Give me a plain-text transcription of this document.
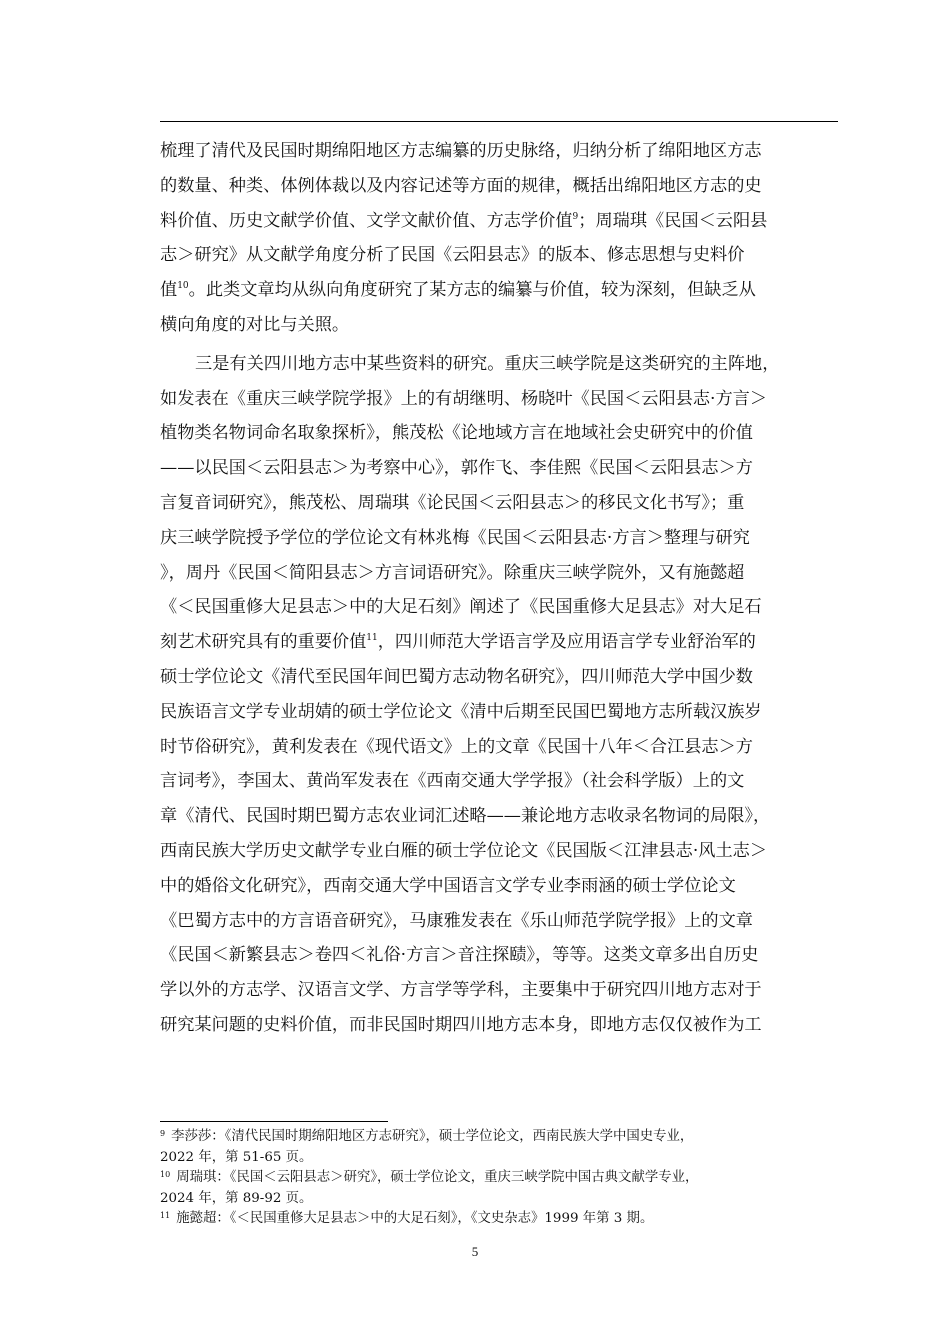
梳理了清代及民国时期绵阳地区方志编纂的历史脉络，归纳分析了绵阳地区方志
的数量、种类、体例体裁以及内容记述等方面的规律，概括出绵阳地区方志的史
料价值、历史文献学价值、文学文献价值、方志学价值$^9$；周瑞琪《民国＜云阳县
志＞研究》从文献学角度分析了民国《云阳县志》的版本、修志思想与史料价
值$^{10}$。此类文章均从纵向角度研究了某方志的编纂与价值，较为深刻，但缺乏从
横向角度的对比与关照。
三是有关四川地方志中某些资料的研究。重庆三峡学院是这类研究的主阵地，
如发表在《重庆三峡学院学报》上的有胡继明、杨晓叶《民国＜云阳县志·方言＞
植物类名物词命名取象探析》，熊茂松《论地域方言在地域社会史研究中的价值
——以民国＜云阳县志＞为考察中心》，郭作飞、李佳熙《民国＜云阳县志＞方
言复音词研究》，熊茂松、周瑞琪《论民国＜云阳县志＞的移民文化书写》；重
庆三峡学院授予学位的学位论文有林兆梅《民国＜云阳县志·方言＞整理与研究
》，周丹《民国＜简阳县志＞方言词语研究》。除重庆三峡学院外，又有施懿超
《＜民国重修大足县志＞中的大足石刻》阐述了《民国重修大足县志》对大足石
刻艺术研究具有的重要价值$^{11}$，四川师范大学语言学及应用语言学专业舒治军的
硕士学位论文《清代至民国年间巴蜀方志动物名研究》，四川师范大学中国少数
民族语言文学专业胡婧的硕士学位论文《清中后期至民国巴蜀地方志所载汉族岁
时节俗研究》，黄利发表在《现代语文》上的文章《民国十八年＜合江县志＞方
言词考》，李国太、黄尚军发表在《西南交通大学学报》（社会科学版）上的文
章《清代、民国时期巴蜀方志农业词汇述略——兼论地方志收录名物词的局限》，
西南民族大学历史文献学专业白雁的硕士学位论文《民国版＜江津县志·风土志＞
中的婚俗文化研究》，西南交通大学中国语言文学专业李雨涵的硕士学位论文
《巴蜀方志中的方言语音研究》，马康雅发表在《乐山师范学院学报》上的文章
《民国＜新繁县志＞卷四＜礼俗·方言＞音注探赜》，等等。这类文章多出自历史
学以外的方志学、汉语言文学、方言学等学科，主要集中于研究四川地方志对于
研究某问题的史料价值，而非民国时期四川地方志本身，即地方志仅仅被作为工
$^9$ 李莎莎：《清代民国时期绵阳地区方志研究》，硕士学位论文，西南民族大学中国史专业，
2022 年，第 51-65 页。
$^{10}$ 周瑞琪：《民国＜云阳县志＞研究》，硕士学位论文，重庆三峡学院中国古典文献学专业，
2024 年，第 89-92 页。
$^{11}$ 施懿超：《＜民国重修大足县志＞中的大足石刻》，《文史杂志》1999 年第 3 期。
5
